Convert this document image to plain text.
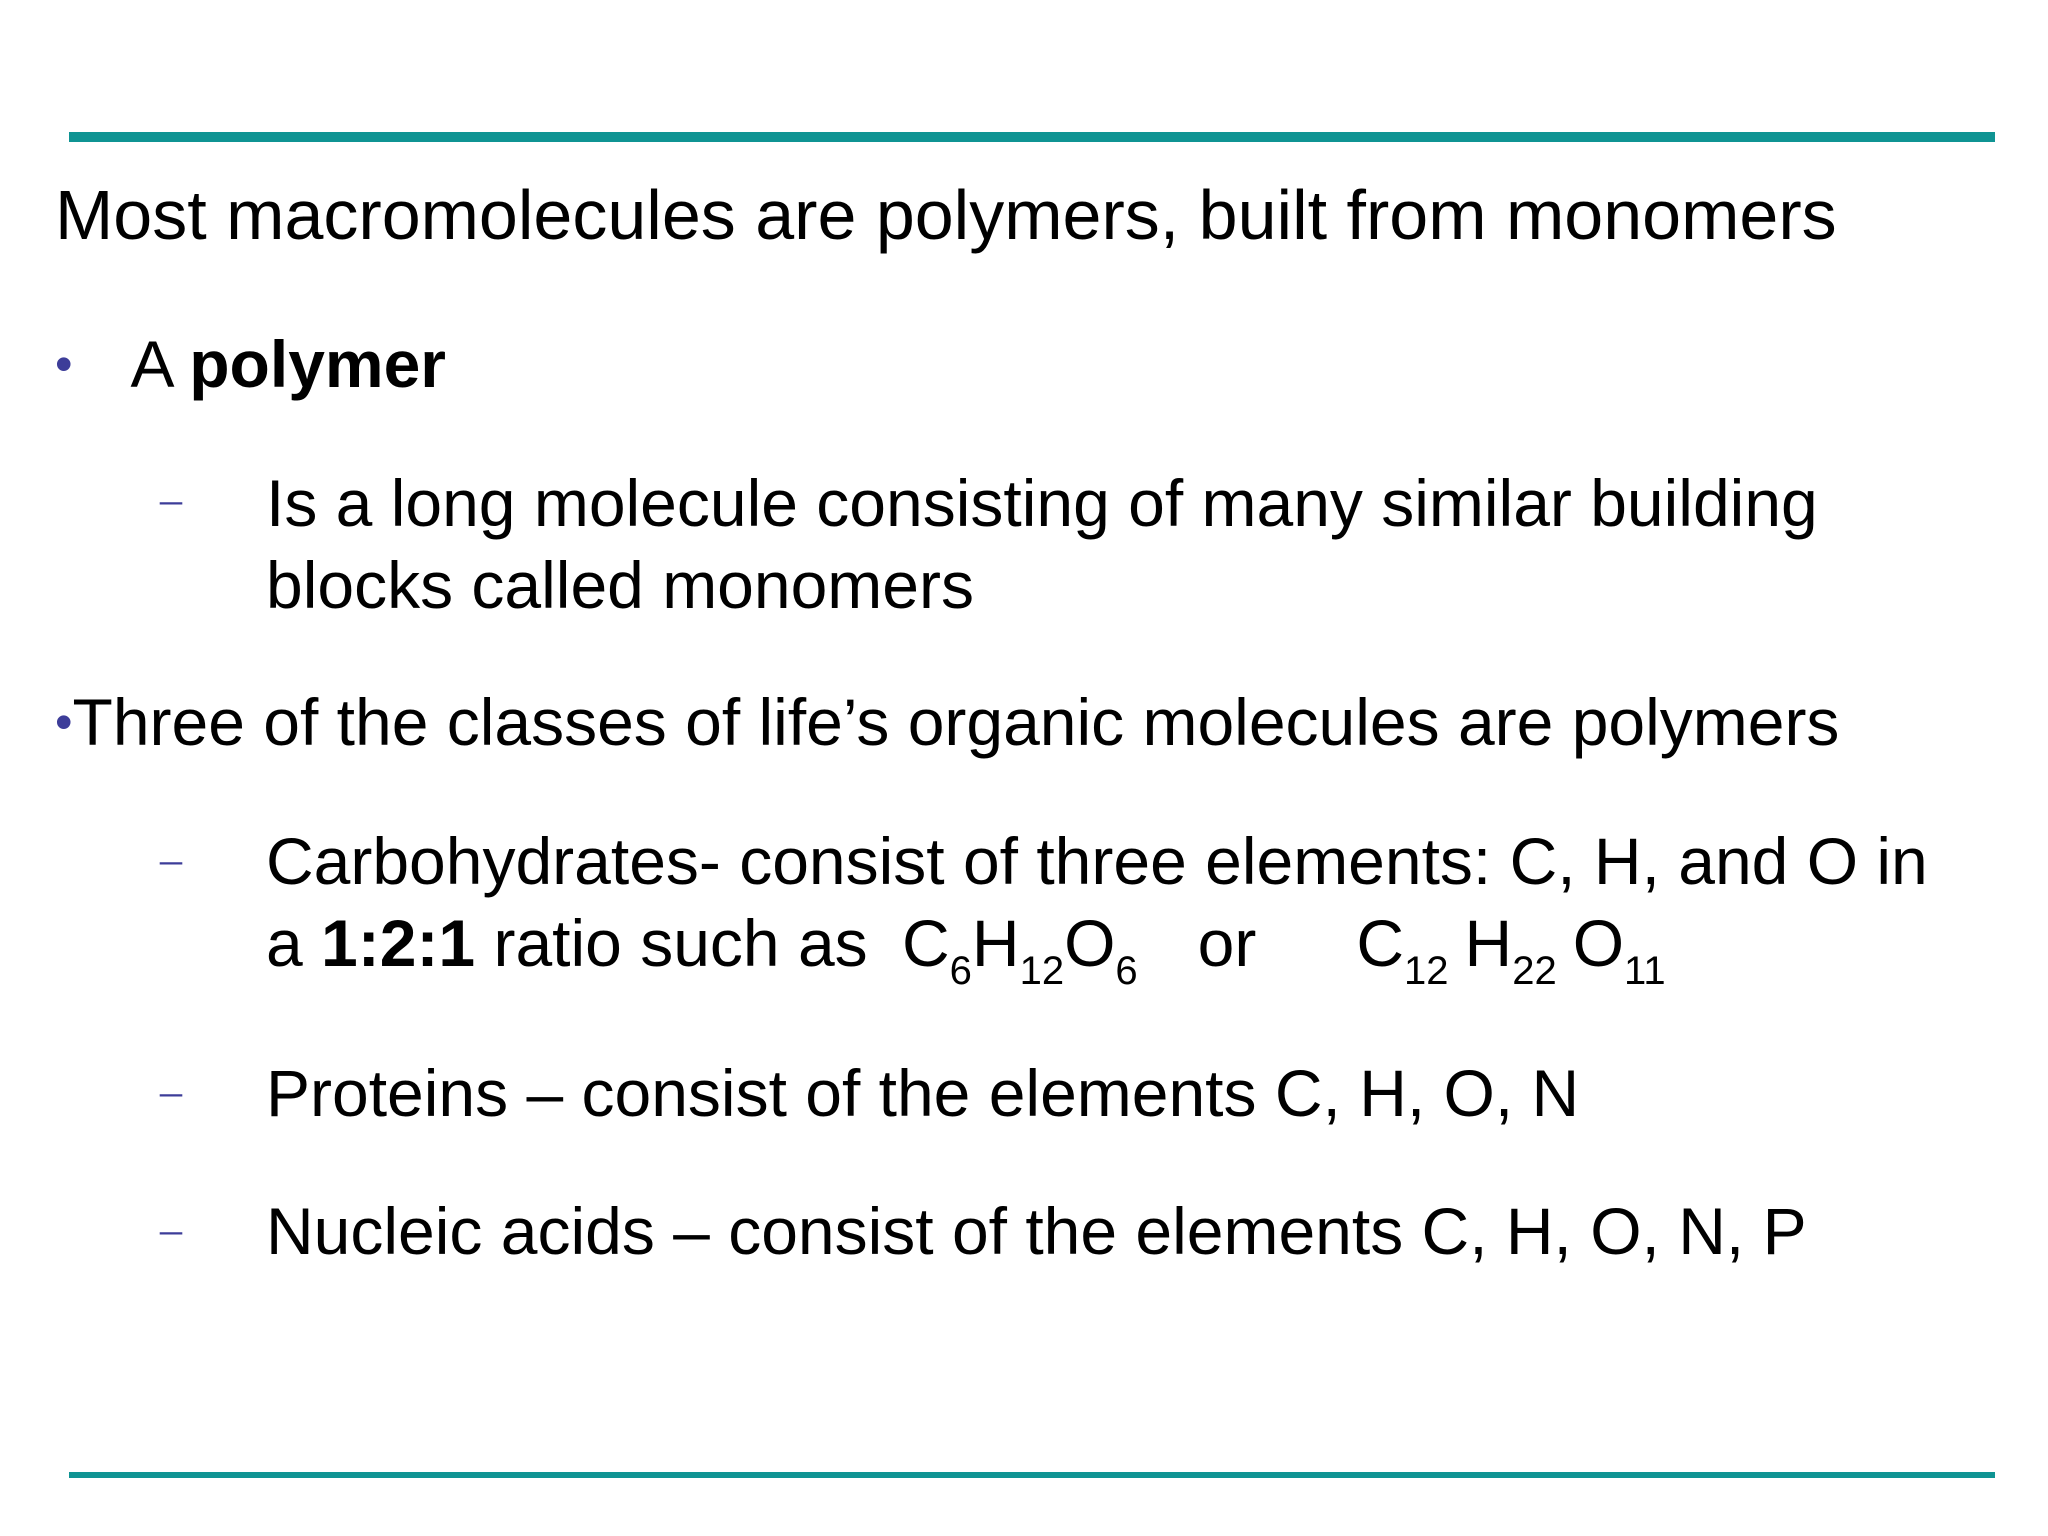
Most macromolecules are polymers, built from monomers
• A polymer
– Is a long molecule consisting of many similar building
blocks called monomers
•Three of the classes of life’s organic molecules are polymers
– Carbohydrates- consist of three elements: C, H, and O in
a 1:2:1 ratio such as $C_6H_{12}O_6$ or $C_{12}$ $H_{22}$ $O_{11}$
– Proteins – consist of the elements C, H, O, N
– Nucleic acids – consist of the elements C, H, O, N, P
